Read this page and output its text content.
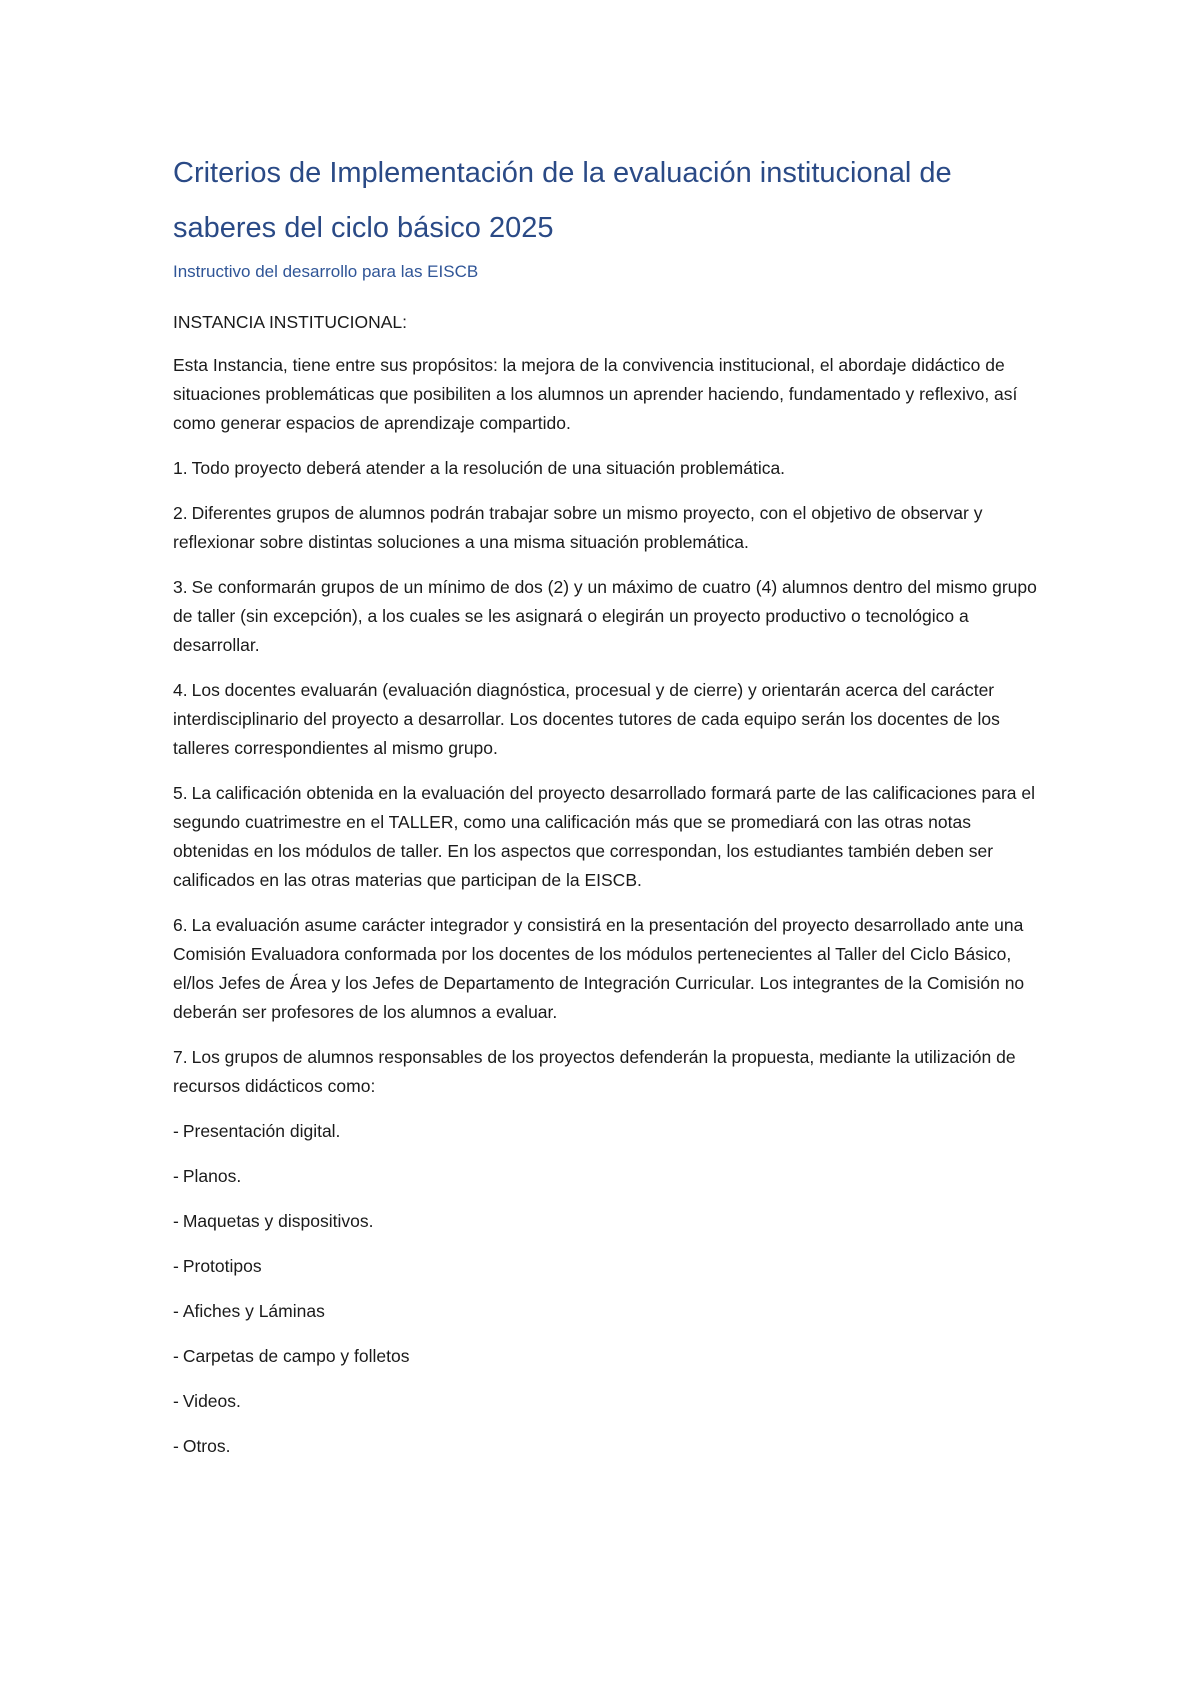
Criterios de Implementación de la evaluación institucional de saberes del ciclo básico 2025
Instructivo del desarrollo para las EISCB

INSTANCIA INSTITUCIONAL:

Esta Instancia, tiene entre sus propósitos: la mejora de la convivencia institucional, el abordaje didáctico de situaciones problemáticas que posibiliten a los alumnos un aprender haciendo, fundamentado y reflexivo, así como generar espacios de aprendizaje compartido.

1. Todo proyecto deberá atender a la resolución de una situación problemática.

2. Diferentes grupos de alumnos podrán trabajar sobre un mismo proyecto, con el objetivo de observar y reflexionar sobre distintas soluciones a una misma situación problemática.

3. Se conformarán grupos de un mínimo de dos (2) y un máximo de cuatro (4) alumnos dentro del mismo grupo de taller (sin excepción), a los cuales se les asignará o elegirán un proyecto productivo o tecnológico a desarrollar.

4. Los docentes evaluarán (evaluación diagnóstica, procesual y de cierre) y orientarán acerca del carácter interdisciplinario del proyecto a desarrollar. Los docentes tutores de cada equipo serán los docentes de los talleres correspondientes al mismo grupo.

5. La calificación obtenida en la evaluación del proyecto desarrollado formará parte de las calificaciones para el segundo cuatrimestre en el TALLER, como una calificación más que se promediará con las otras notas obtenidas en los módulos de taller. En los aspectos que correspondan, los estudiantes también deben ser calificados en las otras materias que participan de la EISCB.

6. La evaluación asume carácter integrador y consistirá en la presentación del proyecto desarrollado ante una Comisión Evaluadora conformada por los docentes de los módulos pertenecientes al Taller del Ciclo Básico, el/los Jefes de Área y los Jefes de Departamento de Integración Curricular. Los integrantes de la Comisión no deberán ser profesores de los alumnos a evaluar.

7. Los grupos de alumnos responsables de los proyectos defenderán la propuesta, mediante la utilización de recursos didácticos como:

- Presentación digital.
- Planos.
- Maquetas y dispositivos.
- Prototipos
- Afiches y Láminas
- Carpetas de campo y folletos
- Videos.
- Otros.
